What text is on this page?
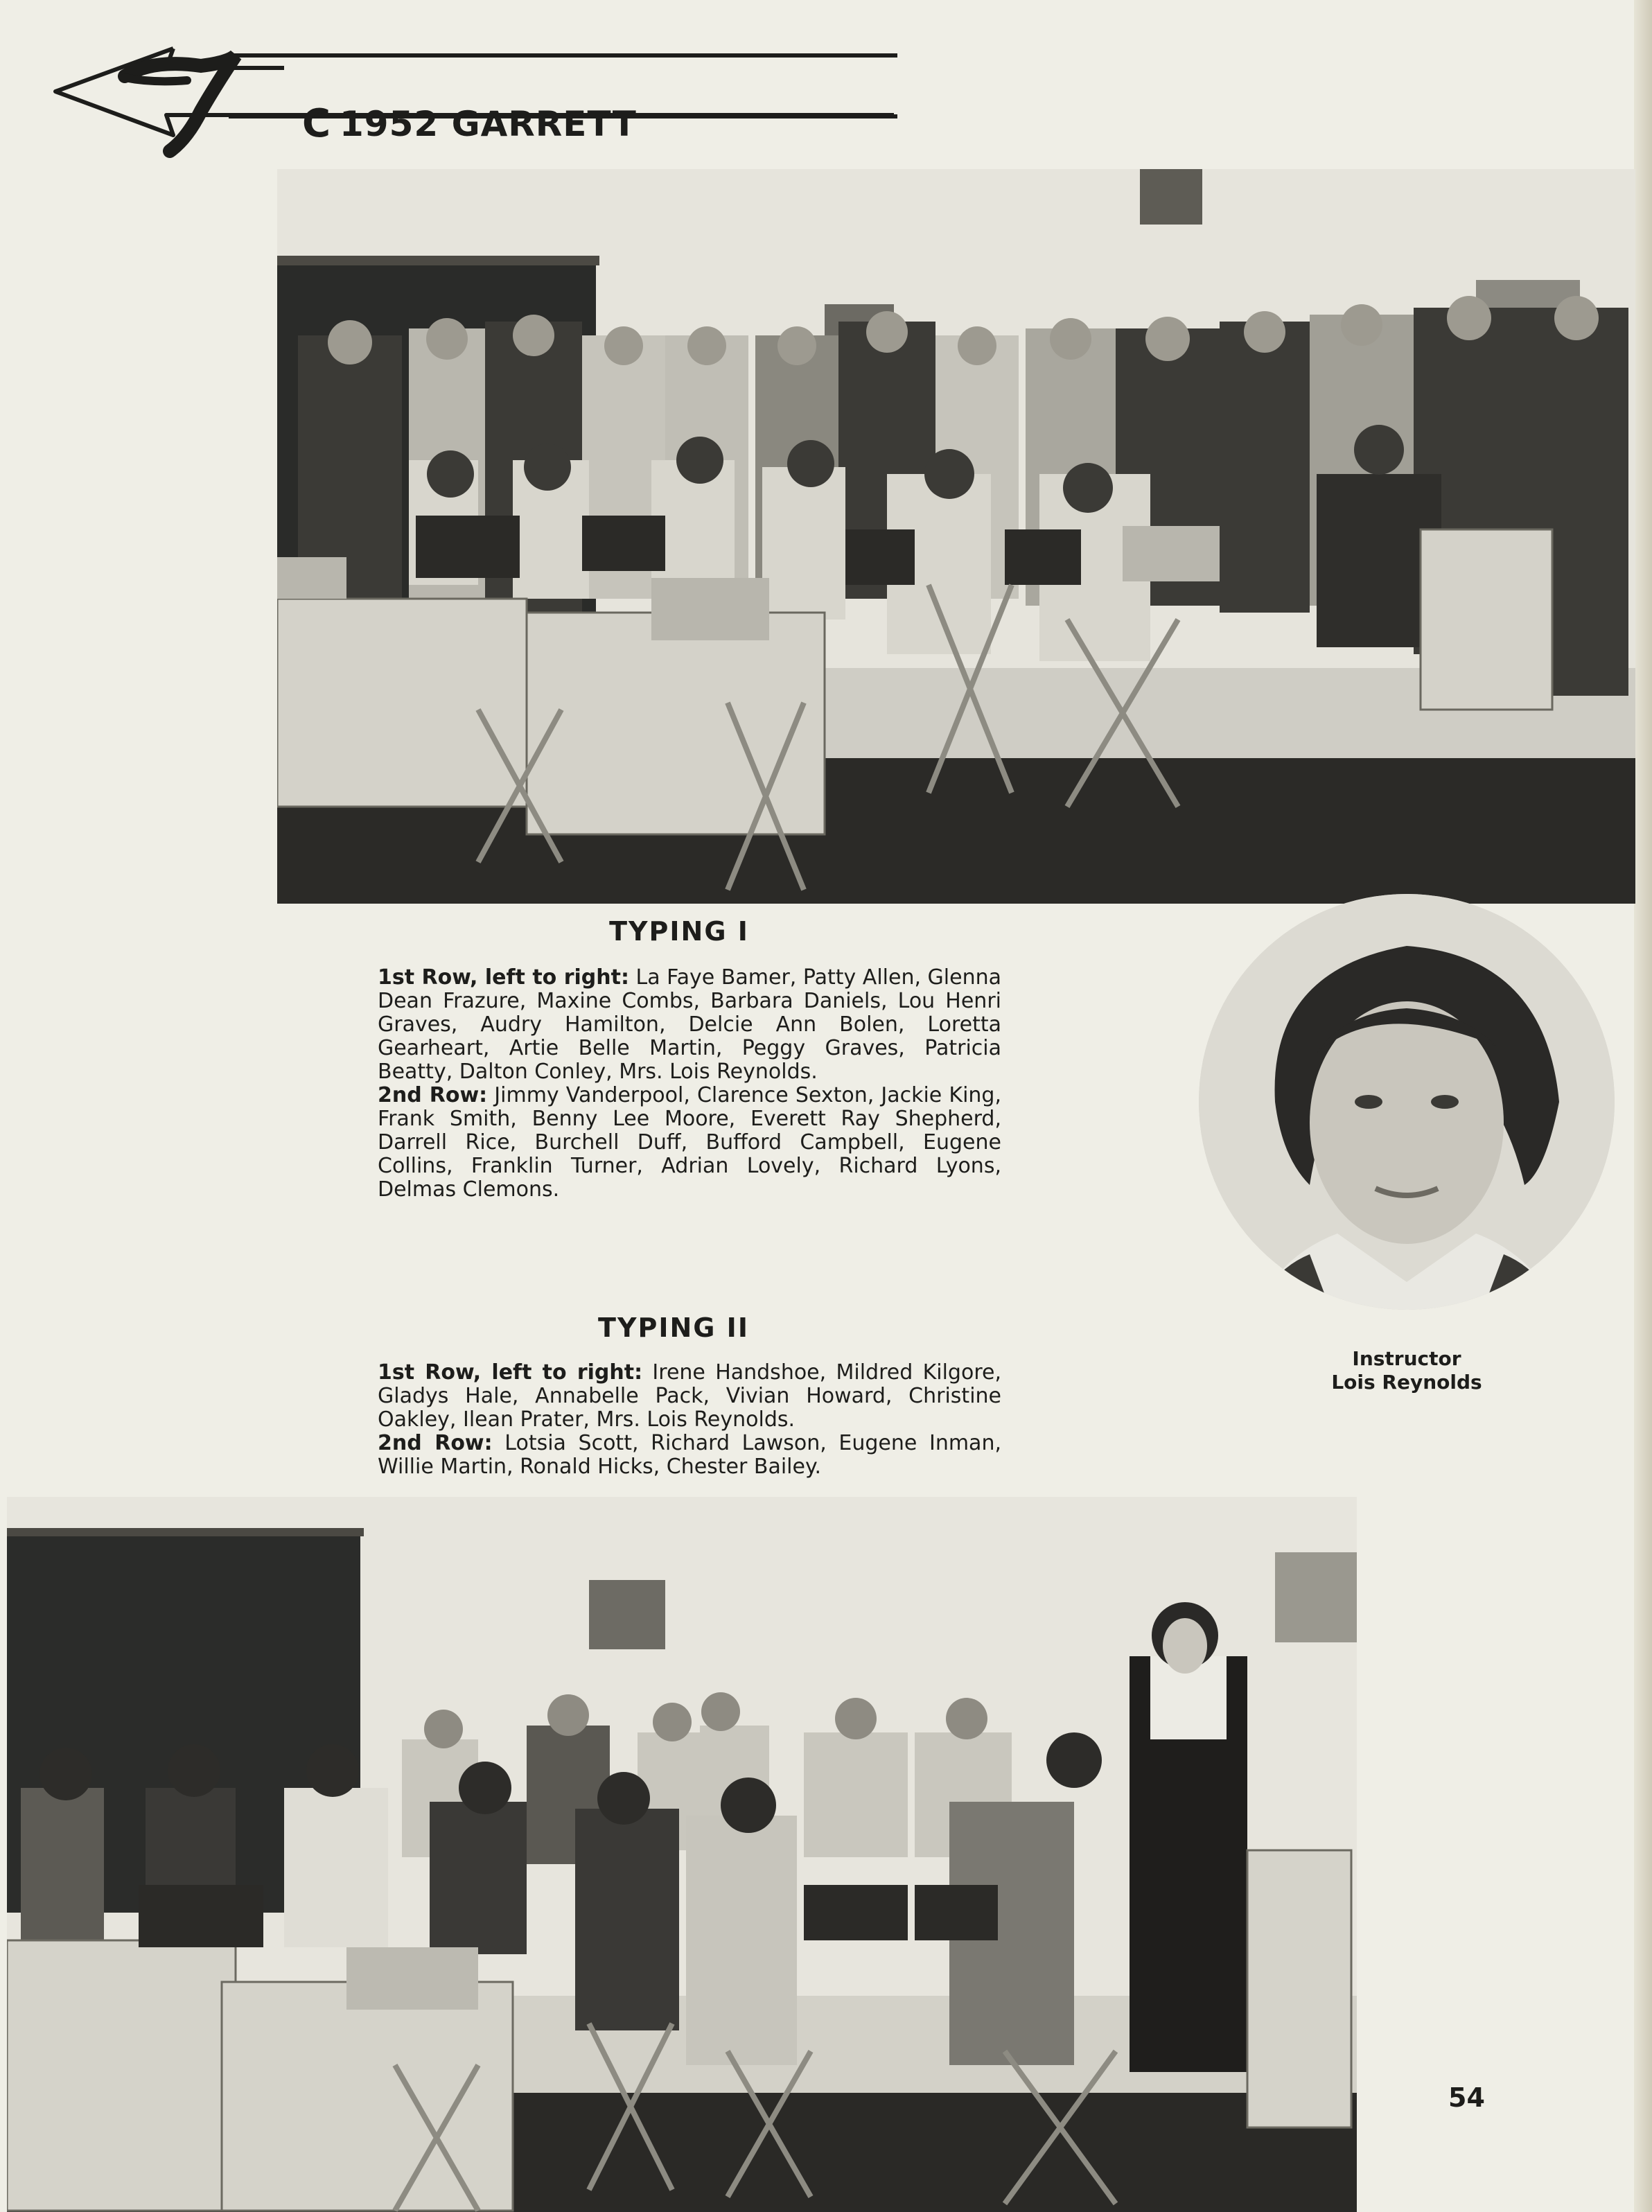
C 1952 GARRETT
TYPING I

1st Row, left to right: La Faye Bamer, Patty Allen, Glenna Dean Frazure, Maxine Combs, Barbara Daniels, Lou Henri Graves, Audry Hamilton, Delcie Ann Bolen, Loretta Gearheart, Artie Belle Martin, Peggy Graves, Patricia Beatty, Dalton Conley, Mrs. Lois Reynolds.

2nd Row: Jimmy Vanderpool, Clarence Sexton, Jackie King, Frank Smith, Benny Lee Moore, Everett Ray Shepherd, Darrell Rice, Burchell Duff, Bufford Campbell, Eugene Collins, Franklin Turner, Adrian Lovely, Richard Lyons, Delmas Clemons.

Instructor
Lois Reynolds
TYPING II

1st Row, left to right: Irene Handshoe, Mildred Kilgore, Gladys Hale, Annabelle Pack, Vivian Howard, Christine Oakley, Ilean Prater, Mrs. Lois Reynolds.

2nd Row: Lotsia Scott, Richard Lawson, Eugene Inman, Willie Martin, Ronald Hicks, Chester Bailey.

54
